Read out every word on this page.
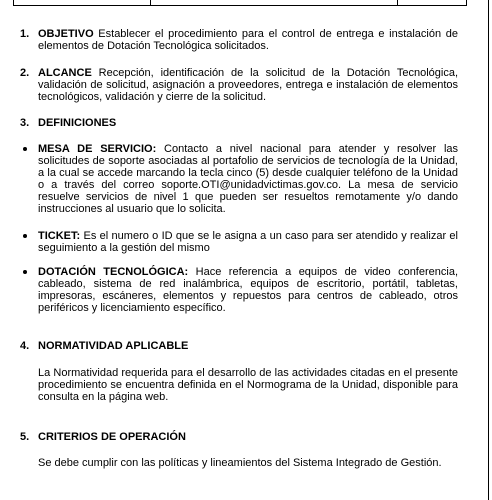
1. OBJETIVO Establecer el procedimiento para el control de entrega e instalación de elementos de Dotación Tecnológica solicitados.
2. ALCANCE Recepción, identificación de la solicitud de la Dotación Tecnológica, validación de solicitud, asignación a proveedores, entrega e instalación de elementos tecnológicos, validación y cierre de la solicitud.
3. DEFINICIONES
MESA DE SERVICIO: Contacto a nivel nacional para atender y resolver las solicitudes de soporte asociadas al portafolio de servicios de tecnología de la Unidad, a la cual se accede marcando la tecla cinco (5) desde cualquier teléfono de la Unidad o a través del correo soporte.OTI@unidadvictimas.gov.co. La mesa de servicio resuelve servicios de nivel 1 que pueden ser resueltos remotamente y/o dando instrucciones al usuario que lo solicita.
TICKET: Es el numero o ID que se le asigna a un caso para ser atendido y realizar el seguimiento a la gestión del mismo
DOTACIÓN TECNOLÓGICA: Hace referencia a equipos de video conferencia, cableado, sistema de red inalámbrica, equipos de escritorio, portátil, tabletas, impresoras, escáneres, elementos y repuestos para centros de cableado, otros periféricos y licenciamiento específico.
4. NORMATIVIDAD APLICABLE
La Normatividad requerida para el desarrollo de las actividades citadas en el presente procedimiento se encuentra definida en el Normograma de la Unidad, disponible para consulta en la página web.
5. CRITERIOS DE OPERACIÓN
Se debe cumplir con las políticas y lineamientos del Sistema Integrado de Gestión.
